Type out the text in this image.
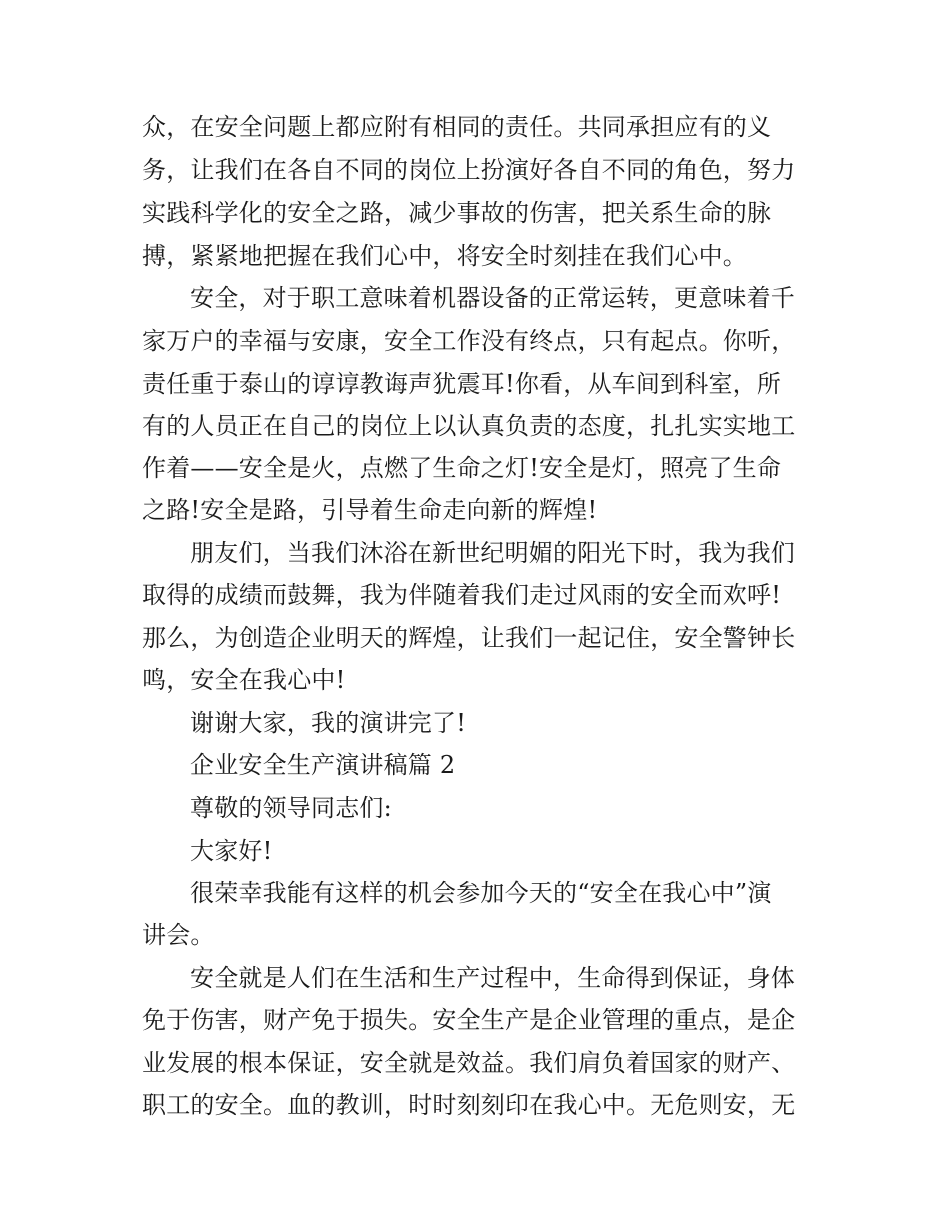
众，在安全问题上都应附有相同的责任。共同承担应有的义
务，让我们在各自不同的岗位上扮演好各自不同的角色，努力
实践科学化的安全之路，减少事故的伤害，把关系生命的脉
搏，紧紧地把握在我们心中，将安全时刻挂在我们心中。
安全，对于职工意味着机器设备的正常运转，更意味着千
家万户的幸福与安康，安全工作没有终点，只有起点。你听，
责任重于泰山的谆谆教诲声犹震耳!你看，从车间到科室，所
有的人员正在自己的岗位上以认真负责的态度，扎扎实实地工
作着——安全是火，点燃了生命之灯!安全是灯，照亮了生命
之路!安全是路，引导着生命走向新的辉煌!
朋友们，当我们沐浴在新世纪明媚的阳光下时，我为我们
取得的成绩而鼓舞，我为伴随着我们走过风雨的安全而欢呼!
那么，为创造企业明天的辉煌，让我们一起记住，安全警钟长
鸣，安全在我心中!
谢谢大家，我的演讲完了!
企业安全生产演讲稿篇 2
尊敬的领导同志们:
大家好!
很荣幸我能有这样的机会参加今天的“安全在我心中”演
讲会。
安全就是人们在生活和生产过程中，生命得到保证，身体
免于伤害，财产免于损失。安全生产是企业管理的重点，是企
业发展的根本保证，安全就是效益。我们肩负着国家的财产、
职工的安全。血的教训，时时刻刻印在我心中。无危则安，无
